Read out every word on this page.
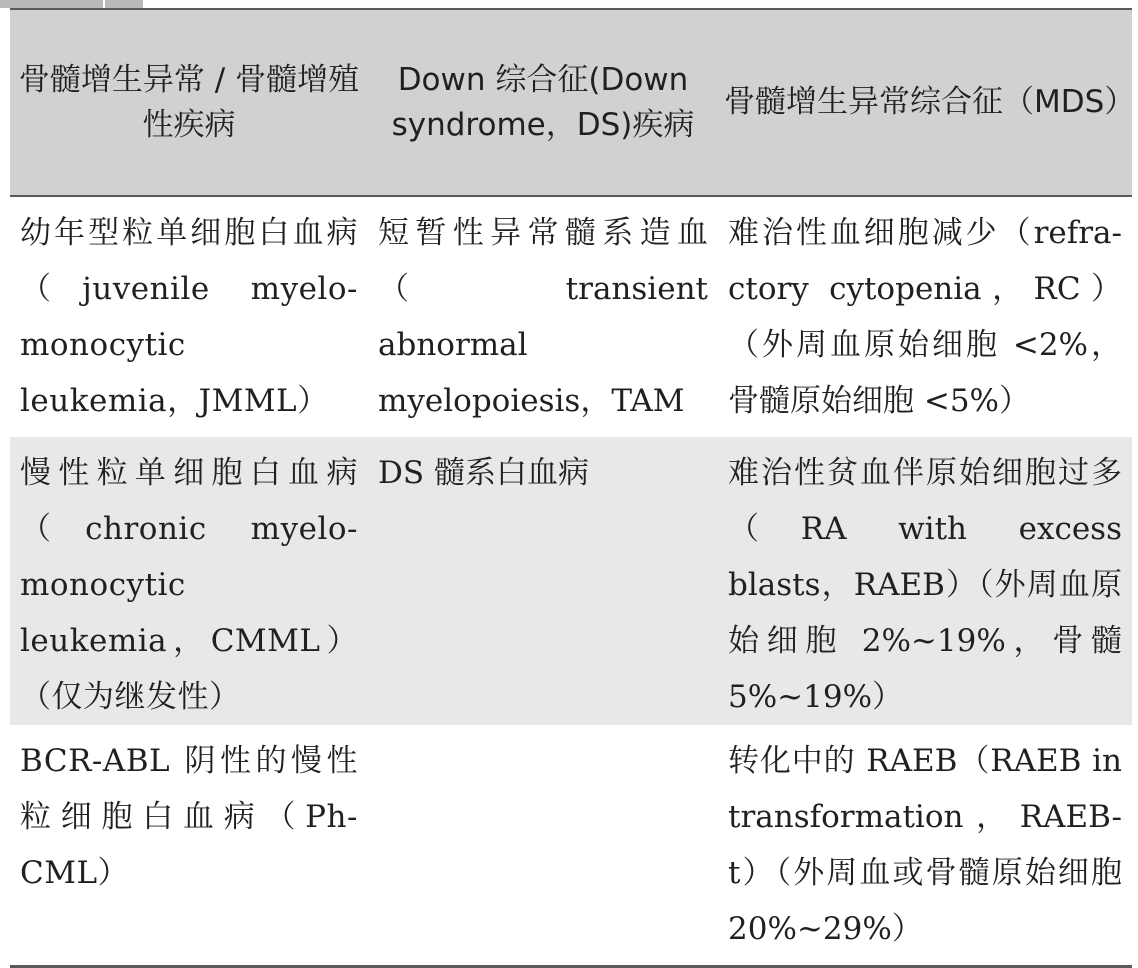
骨髓增生异常 / 骨髓增殖性疾病	Down 综合征(Down syndrome，DS)疾病	骨髓增生异常综合征（MDS）
幼年型粒单细胞白血病（juvenile myelo-monocytic leukemia，JMML）	短暂性异常髓系造血（transient abnormal myelopoiesis，TAM	难治性血细胞减少（refra-ctory cytopenia，RC）（外周血原始细胞 <2%，骨髓原始细胞 <5%）
慢性粒单细胞白血病（chronic myelo-monocytic leukemia，CMML）（仅为继发性）	DS 髓系白血病	难治性贫血伴原始细胞过多（RA with excess blasts，RAEB）（外周血原始细胞 2%~19%，骨髓 5%~19%）
BCR-ABL 阴性的慢性粒细胞白血病（Ph-CML）		转化中的 RAEB（RAEB in transformation，RAEB-t）（外周血或骨髓原始细胞 20%~29%）
